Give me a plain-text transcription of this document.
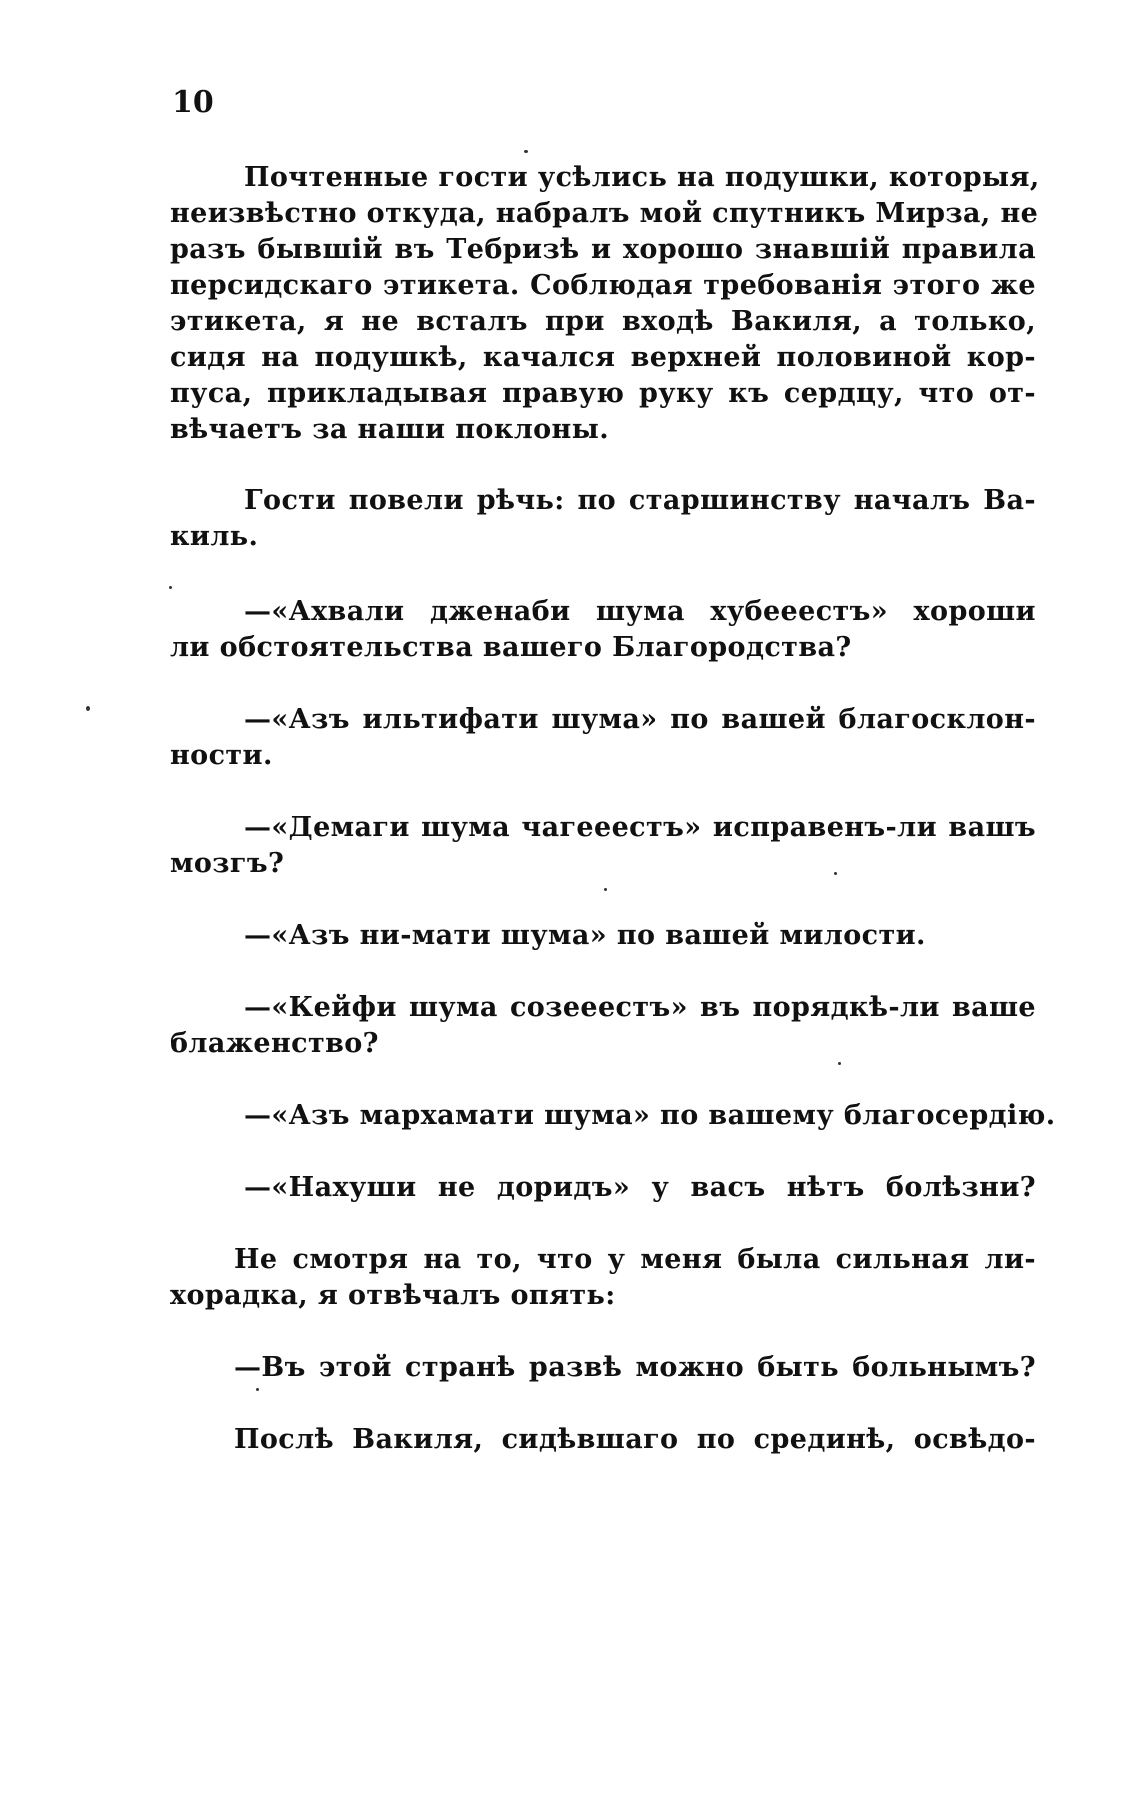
10

Почтенные гости усѣлись на подушки, которыя,

неизвѣстно откуда, набралъ мой спутникъ Мирза, не

разъ бывшій въ Тебризѣ и хорошо знавшій правила

персидскаго этикета. Соблюдая требованія этого же

этикета, я не всталъ при входѣ Вакиля, а только,

сидя на подушкѣ, качался верхней половиной кор-

пуса, прикладывая правую руку къ сердцу, что от-

вѣчаетъ за наши поклоны.

Гости повели рѣчь: по старшинству началъ Ва-

киль.

—«Ахвали дженаби шума хубееестъ» хороши

ли обстоятельства вашего Благородства?

—«Азъ ильтифати шума» по вашей благосклон-

ности.

—«Демаги шума чагееестъ» исправенъ-ли вашъ

мозгъ?

—«Азъ ни-мати шума» по вашей милости.

—«Кейфи шума созееестъ» въ порядкѣ-ли ваше

блаженство?

—«Азъ мархамати шума» по вашему благосердію.

—«Нахуши не доридъ» у васъ нѣтъ болѣзни?

Не смотря на то, что у меня была сильная ли-

хорадка, я отвѣчалъ опять:

—Въ этой странѣ развѣ можно быть больнымъ?

Послѣ Вакиля, сидѣвшаго по срединѣ, освѣдо-
